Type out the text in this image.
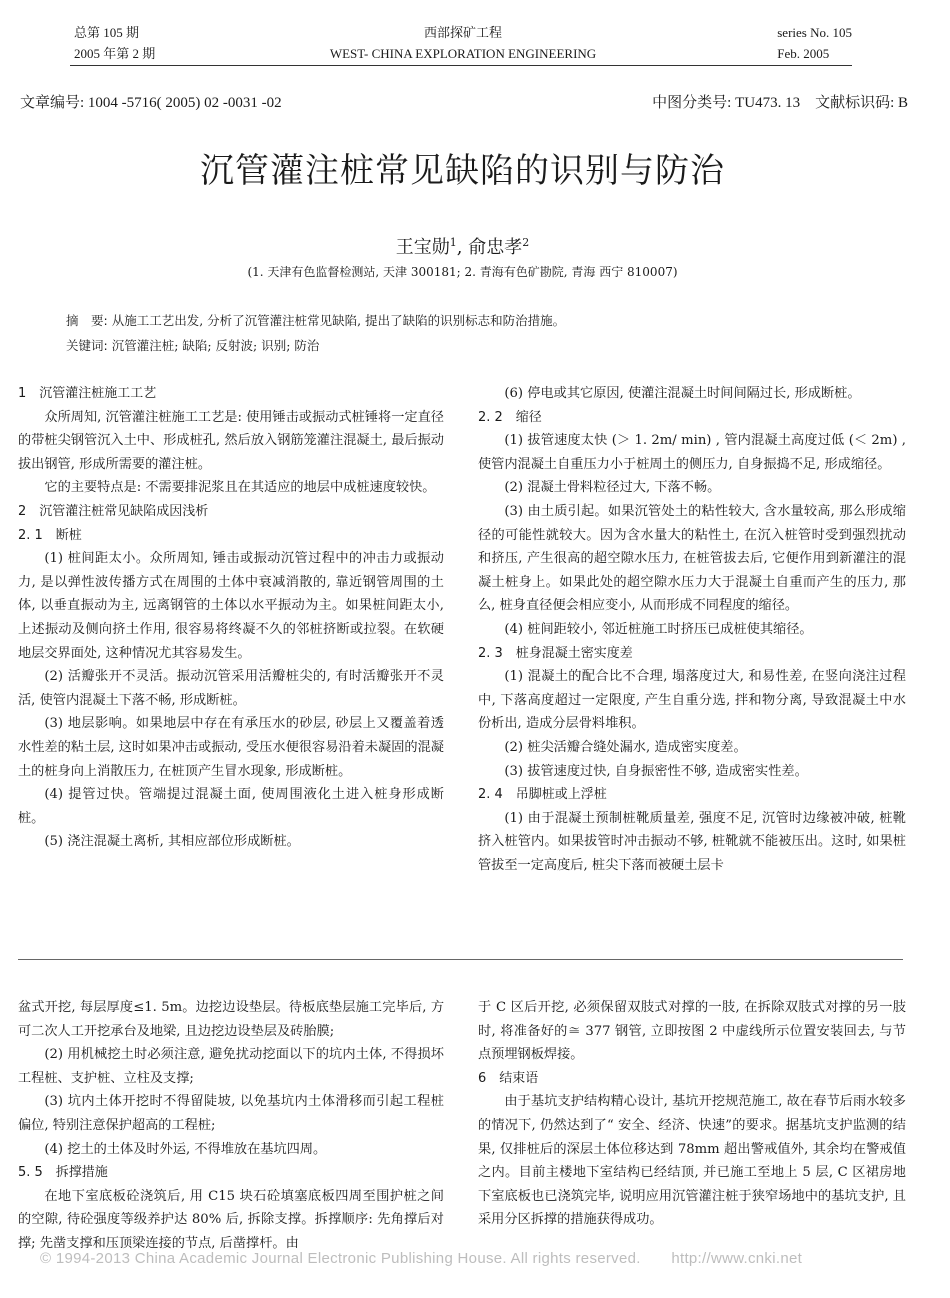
总第 105 期
2005 年第 2 期
西部探矿工程
WEST- CHINA EXPLORATION ENGINEERING
series No. 105
Feb. 2005
文章编号: 1004 -5716( 2005) 02 -0031 -02	中图分类号: TU473. 13　文献标识码: B
沉管灌注桩常见缺陷的识别与防治
王宝勋$^1$, 俞忠孝$^2$
(1. 天津有色监督检测站, 天津 300181; 2. 青海有色矿勘院, 青海 西宁 810007)
摘　要: 从施工工艺出发, 分析了沉管灌注桩常见缺陷, 提出了缺陷的识别标志和防治措施。
关键词: 沉管灌注桩; 缺陷; 反射波; 识别; 防治

1　沉管灌注桩施工工艺

众所周知, 沉管灌注桩施工工艺是: 使用锤击或振动式桩锤将一定直径的带桩尖钢管沉入土中、形成桩孔, 然后放入钢筋笼灌注混凝土, 最后振动拔出钢管, 形成所需要的灌注桩。

它的主要特点是: 不需要排泥浆且在其适应的地层中成桩速度较快。

2　沉管灌注桩常见缺陷成因浅析

2. 1　断桩

(1) 桩间距太小。众所周知, 锤击或振动沉管过程中的冲击力或振动力, 是以弹性波传播方式在周围的土体中衰减消散的, 靠近钢管周围的土体, 以垂直振动为主, 远离钢管的土体以水平振动为主。如果桩间距太小, 上述振动及侧向挤土作用, 很容易将终凝不久的邻桩挤断或拉裂。在软硬地层交界面处, 这种情况尤其容易发生。

(2) 活瓣张开不灵活。振动沉管采用活瓣桩尖的, 有时活瓣张开不灵活, 使管内混凝土下落不畅, 形成断桩。

(3) 地层影响。如果地层中存在有承压水的砂层, 砂层上又覆盖着透水性差的粘土层, 这时如果冲击或振动, 受压水便很容易沿着未凝固的混凝土的桩身向上消散压力, 在桩顶产生冒水现象, 形成断桩。

(4) 提管过快。管端提过混凝土面, 使周围液化土进入桩身形成断桩。

(5) 浇注混凝土离析, 其相应部位形成断桩。

(6) 停电或其它原因, 使灌注混凝土时间间隔过长, 形成断桩。

2. 2　缩径

(1) 拔管速度太快 (＞ 1. 2m/ min) , 管内混凝土高度过低 (＜ 2m) , 使管内混凝土自重压力小于桩周土的侧压力, 自身振捣不足, 形成缩径。

(2) 混凝土骨料粒径过大, 下落不畅。

(3) 由土质引起。如果沉管处土的粘性较大, 含水量较高, 那么形成缩径的可能性就较大。因为含水量大的粘性土, 在沉入桩管时受到强烈扰动和挤压, 产生很高的超空隙水压力, 在桩管拔去后, 它便作用到新灌注的混凝土桩身上。如果此处的超空隙水压力大于混凝土自重而产生的压力, 那么, 桩身直径便会相应变小, 从而形成不同程度的缩径。

(4) 桩间距较小, 邻近桩施工时挤压已成桩使其缩径。

2. 3　桩身混凝土密实度差

(1) 混凝土的配合比不合理, 塌落度过大, 和易性差, 在竖向浇注过程中, 下落高度超过一定限度, 产生自重分选, 拌和物分离, 导致混凝土中水份析出, 造成分层骨料堆积。

(2) 桩尖活瓣合缝处漏水, 造成密实度差。

(3) 拔管速度过快, 自身振密性不够, 造成密实性差。

2. 4　吊脚桩或上浮桩

(1) 由于混凝土预制桩靴质量差, 强度不足, 沉管时边缘被冲破, 桩靴挤入桩管内。如果拔管时冲击振动不够, 桩靴就不能被压出。这时, 如果桩管拔至一定高度后, 桩尖下落而被硬土层卡

盆式开挖, 每层厚度≤1. 5m。边挖边设垫层。待板底垫层施工完毕后, 方可二次人工开挖承台及地梁, 且边挖边设垫层及砖胎膜;

(2) 用机械挖土时必须注意, 避免扰动挖面以下的坑内土体, 不得损坏工程桩、支护桩、立柱及支撑;

(3) 坑内土体开挖时不得留陡坡, 以免基坑内土体滑移而引起工程桩偏位, 特别注意保护超高的工程桩;

(4) 挖土的土体及时外运, 不得堆放在基坑四周。

5. 5　拆撑措施

在地下室底板砼浇筑后, 用 C15 块石砼填塞底板四周至围护桩之间的空隙, 待砼强度等级养护达 80% 后, 拆除支撑。拆撑顺序: 先角撑后对撑; 先凿支撑和压顶梁连接的节点, 后凿撑杆。由

于 C 区后开挖, 必须保留双肢式对撑的一肢, 在拆除双肢式对撑的另一肢时, 将准备好的≅ 377 钢管, 立即按图 2 中虚线所示位置安装回去, 与节点预埋钢板焊接。

6　结束语

由于基坑支护结构精心设计, 基坑开挖规范施工, 故在春节后雨水较多的情况下, 仍然达到了“ 安全、经济、快速”的要求。据基坑支护监测的结果, 仅排桩后的深层土体位移达到 78mm 超出警戒值外, 其余均在警戒值之内。目前主楼地下室结构已经结顶, 并已施工至地上 5 层, C 区裙房地下室底板也已浇筑完毕, 说明应用沉管灌注桩于狭窄场地中的基坑支护, 且采用分区拆撑的措施获得成功。

© 1994-2013 China Academic Journal Electronic Publishing House. All rights reserved.　　http://www.cnki.net
